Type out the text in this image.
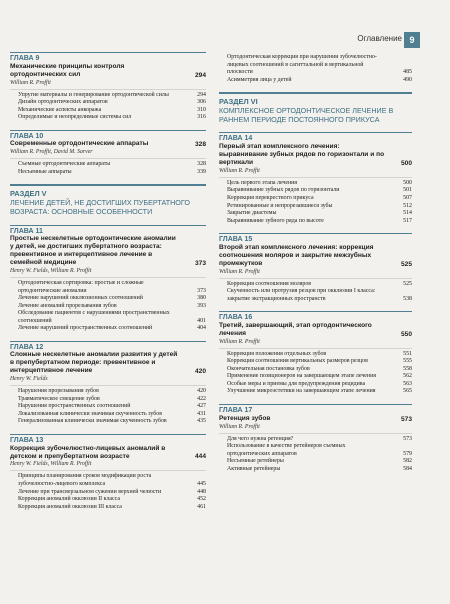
Оглавление 9
ГЛАВА 9
Механические принципы контроля ортодонтических сил	294
William R. Proffit
Упругие материалы и генерирование ортодонтической силы	294
Дизайн ортодонтических аппаратов	306
Механические аспекты анкоража	310
Определимые и неопределимые системы сил	316
ГЛАВА 10
Современные ортодонтические аппараты	328
William R. Proffit, David M. Sarver
Съемные ортодонтические аппараты	328
Несъемные аппараты	339
РАЗДЕЛ V
ЛЕЧЕНИЕ ДЕТЕЙ, НЕ ДОСТИГШИХ ПУБЕРТАТНОГО ВОЗРАСТА: ОСНОВНЫЕ ОСОБЕННОСТИ
ГЛАВА 11
Простые нескелетные ортодонтические аномалии у детей, не достигших пубертатного возраста: превентивное и интерцептивное лечение в семейной медицине	373
Henry W. Fields, William R. Proffit
Ортодонтическая сортировка: простые и сложные ортодонтические аномалии	373
Лечение нарушений окклюзионных соотношений	380
Лечение аномалий прорезывания зубов	393
Обследование пациентов с нарушениями пространственных соотношений	401
Лечение нарушений пространственных соотношений	404
ГЛАВА 12
Сложные нескелетные аномалии развития у детей в препубертатном периоде: превентивное и интерцептивное лечение	420
Henry W. Fields
Нарушения прорезывания зубов	420
Травматическое смещение зубов	422
Нарушения пространственных соотношений	427
Локализованная клинически значимая скученность зубов	431
Генерализованная клинически значимая скученность зубов	435
ГЛАВА 13
Коррекция зубочелюстно-лицевых аномалий в детском и препубертатном возрасте	444
Henry W. Fields, William R. Proffit
Принципы планирования сроков модификации роста зубочелюстно-лицевого комплекса	445
Лечение при трансверзальном сужении верхней челюсти	448
Коррекция аномалий окклюзии II класса	452
Коррекция аномалий окклюзии III класса	461
Ортодонтическая коррекция при нарушении зубочелюстно-лицевых соотношений в сагиттальной и вертикальной плоскости	485
Асимметрия лица у детей	490
РАЗДЕЛ VI
КОМПЛЕКСНОЕ ОРТОДОНТИЧЕСКОЕ ЛЕЧЕНИЕ В РАННЕМ ПЕРИОДЕ ПОСТОЯННОГО ПРИКУСА
ГЛАВА 14
Первый этап комплексного лечения: выравнивание зубных рядов по горизонтали и по вертикали	500
William R. Proffit
Цель первого этапа лечения	500
Выравнивание зубных рядов по горизонтали	501
Коррекция перекрестного прикуса	507
Ретинированные и непрорезавшиеся зубы	512
Закрытие диастемы	514
Выравнивание зубного ряда по высоте	517
ГЛАВА 15
Второй этап комплексного лечения: коррекция соотношения моляров и закрытие межзубных промежутков	525
William R. Proffit
Коррекция соотношения моляров	525
Скученность или протрузия резцов при окклюзии I класса: закрытие экстракционных пространств	538
ГЛАВА 16
Третий, завершающий, этап ортодонтического лечения	550
William R. Proffit
Коррекция положения отдельных зубов	551
Коррекция соотношения вертикальных размеров резцов	555
Окончательная постановка зубов	558
Применение позиционеров на завершающем этапе лечения	562
Особые меры и приемы для предупреждения рецидива	563
Улучшение микроэстетики на завершающем этапе лечения	565
ГЛАВА 17
Ретенция зубов	573
William R. Proffit
Для чего нужна ретенция?	573
Использование в качестве ретейнеров съемных ортодонтических аппаратов	579
Несъемные ретейнеры	582
Активные ретейнеры	584
